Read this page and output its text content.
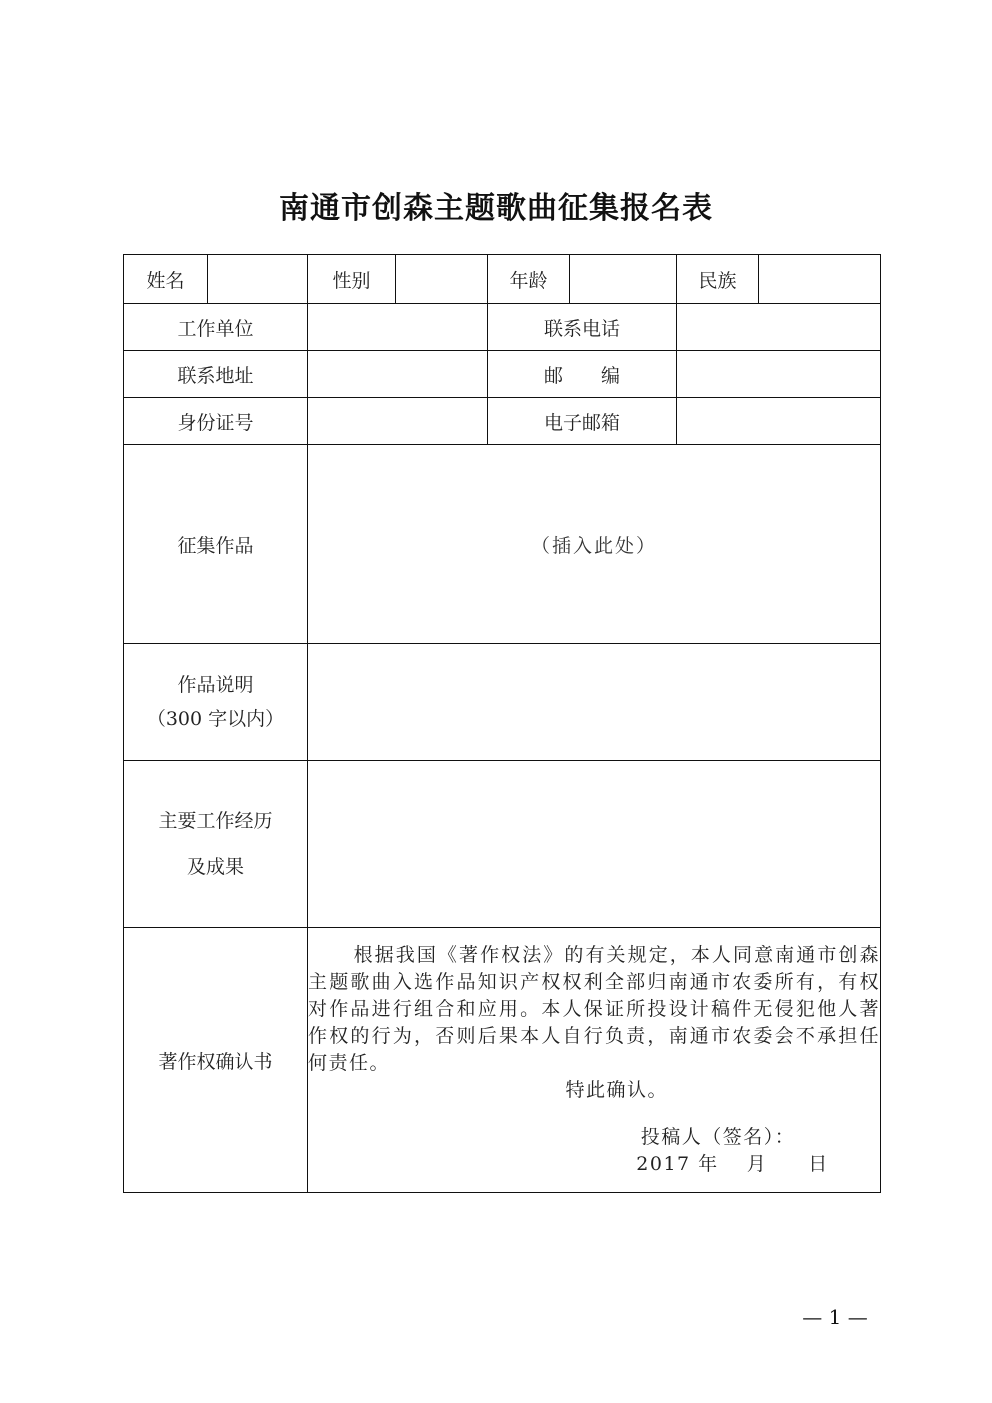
南通市创森主题歌曲征集报名表
姓名		性别		年龄		民族	
工作单位				联系电话			
联系地址				邮　　编			
身份证号				电子邮箱			
征集作品		（插入此处）					

作品说明
（300 字以内）							

主要工作经历
及成果							

著作权确认书		根据我国《著作权法》的有关规定，本人同意南通市创森主题歌曲入选作品知识产权权利全部归南通市农委所有，有权对作品进行组合和应用。本人保证所投设计稿件无侵犯他人著作权的行为，否则后果本人自行负责，南通市农委会不承担任何责任。
特此确认。
投稿人（签名）：
2017 年　 月　　日					
— 1 —
